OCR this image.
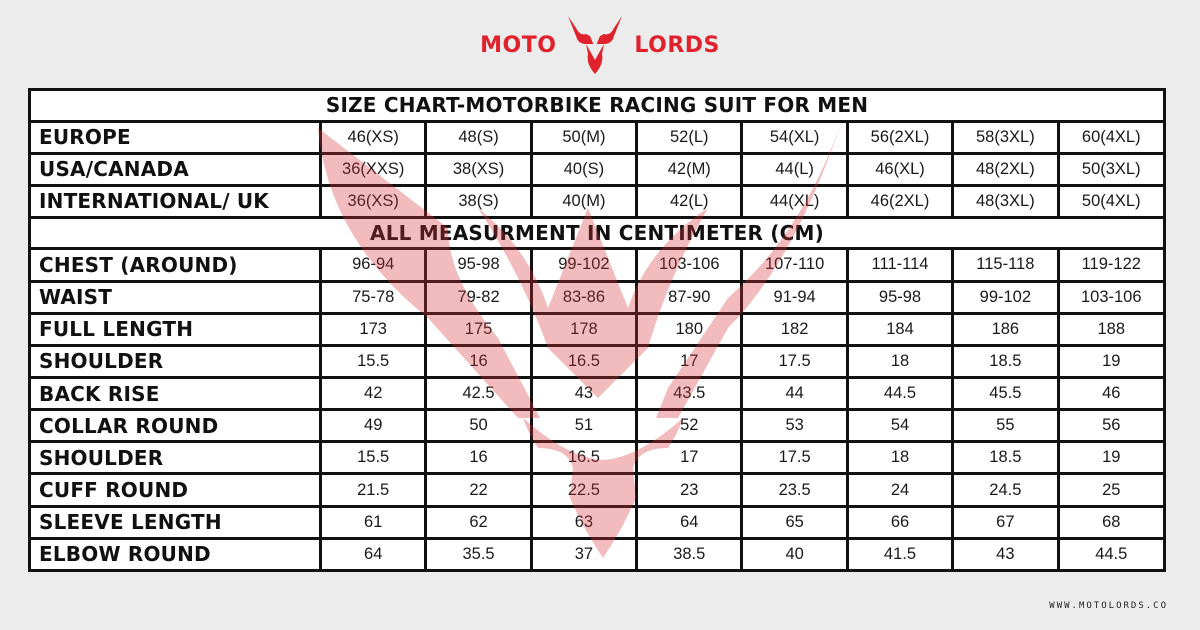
MOTO	LORDS
SIZE CHART-MOTORBIKE RACING SUIT FOR MEN								
EUROPE	46(XS)	48(S)	50(M)	52(L)	54(XL)	56(2XL)	58(3XL)	60(4XL)
USA/CANADA	36(XXS)	38(XS)	40(S)	42(M)	44(L)	46(XL)	48(2XL)	50(3XL)
INTERNATIONAL/ UK	36(XS)	38(S)	40(M)	42(L)	44(XL)	46(2XL)	48(3XL)	50(4XL)
ALL MEASURMENT IN CENTIMETER (CM)								
CHEST (AROUND)	96-94	95-98	99-102	103-106	107-110	111-114	115-118	119-122
WAIST	75-78	79-82	83-86	87-90	91-94	95-98	99-102	103-106
FULL LENGTH	173	175	178	180	182	184	186	188
SHOULDER	15.5	16	16.5	17	17.5	18	18.5	19
BACK RISE	42	42.5	43	43.5	44	44.5	45.5	46
COLLAR ROUND	49	50	51	52	53	54	55	56
SHOULDER	15.5	16	16.5	17	17.5	18	18.5	19
CUFF ROUND	21.5	22	22.5	23	23.5	24	24.5	25
SLEEVE LENGTH	61	62	63	64	65	66	67	68
ELBOW ROUND	64	35.5	37	38.5	40	41.5	43	44.5
WWW.MOTOLORDS.CO
